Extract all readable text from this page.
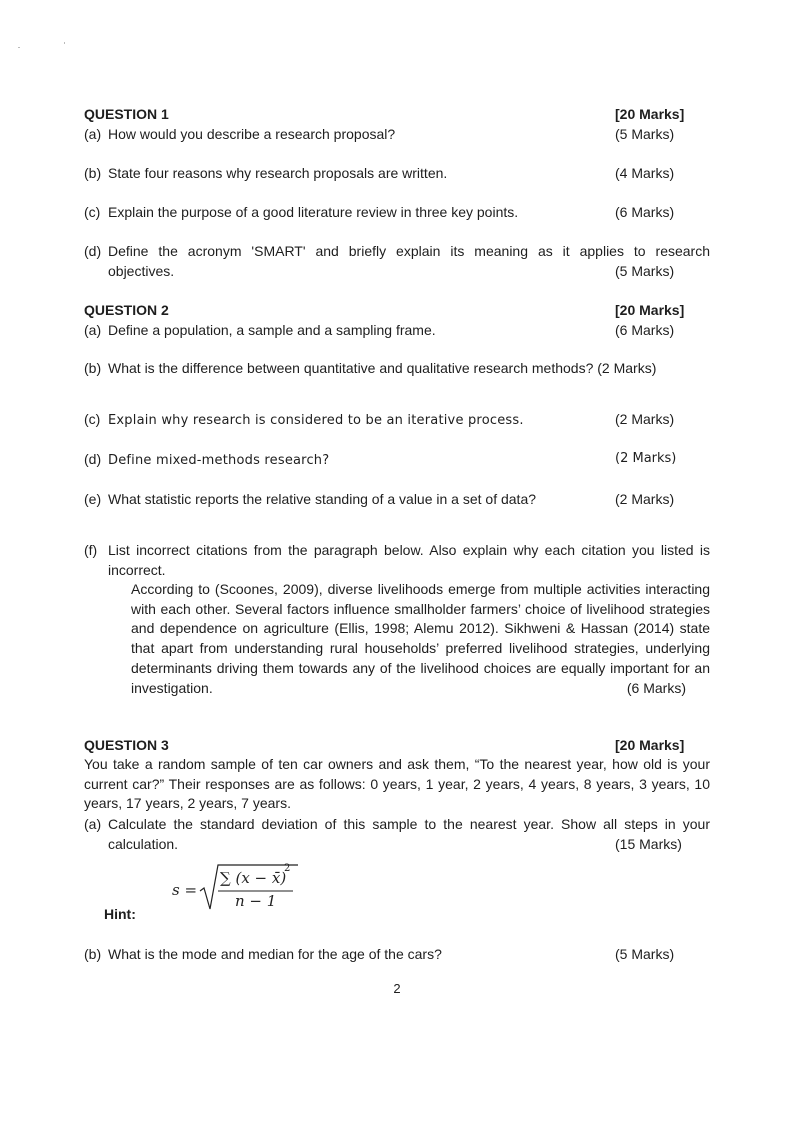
QUESTION 1	[20 Marks]
(a) How would you describe a research proposal?	(5 Marks)
(b) State four reasons why research proposals are written.	(4 Marks)
(c) Explain the purpose of a good literature review in three key points.	(6 Marks)
(d) Define the acronym 'SMART' and briefly explain its meaning as it applies to research
objectives.	(5 Marks)
QUESTION 2	[20 Marks]
(a) Define a population, a sample and a sampling frame.	(6 Marks)
(b) What is the difference between quantitative and qualitative research methods? (2 Marks)
(c) Explain why research is considered to be an iterative process.	(2 Marks)
(d) Define mixed-methods research?	(2 Marks)
(e) What statistic reports the relative standing of a value in a set of data?	(2 Marks)
(f) List incorrect citations from the paragraph below. Also explain why each citation you listed is
incorrect.

According to (Scoones, 2009), diverse livelihoods emerge from multiple activities interacting with each other. Several factors influence smallholder farmers’ choice of livelihood strategies and dependence on agriculture (Ellis, 1998; Alemu 2012). Sikhweni & Hassan (2014) state that apart from understanding rural households’ preferred livelihood strategies, underlying determinants driving them towards any of the livelihood choices are equally important for an investigation.	(6 Marks)

QUESTION 3	[20 Marks]

You take a random sample of ten car owners and ask them, “To the nearest year, how old is your current car?” Their responses are as follows: 0 years, 1 year, 2 years, 4 years, 8 years, 3 years, 10 years, 17 years, 2 years, 7 years.

(a) Calculate the standard deviation of this sample to the nearest year. Show all steps in your
calculation.	(15 Marks)
s =
∑ (x − x̄)
2
n − 1
Hint:
(b) What is the mode and median for the age of the cars?	(5 Marks)
2
